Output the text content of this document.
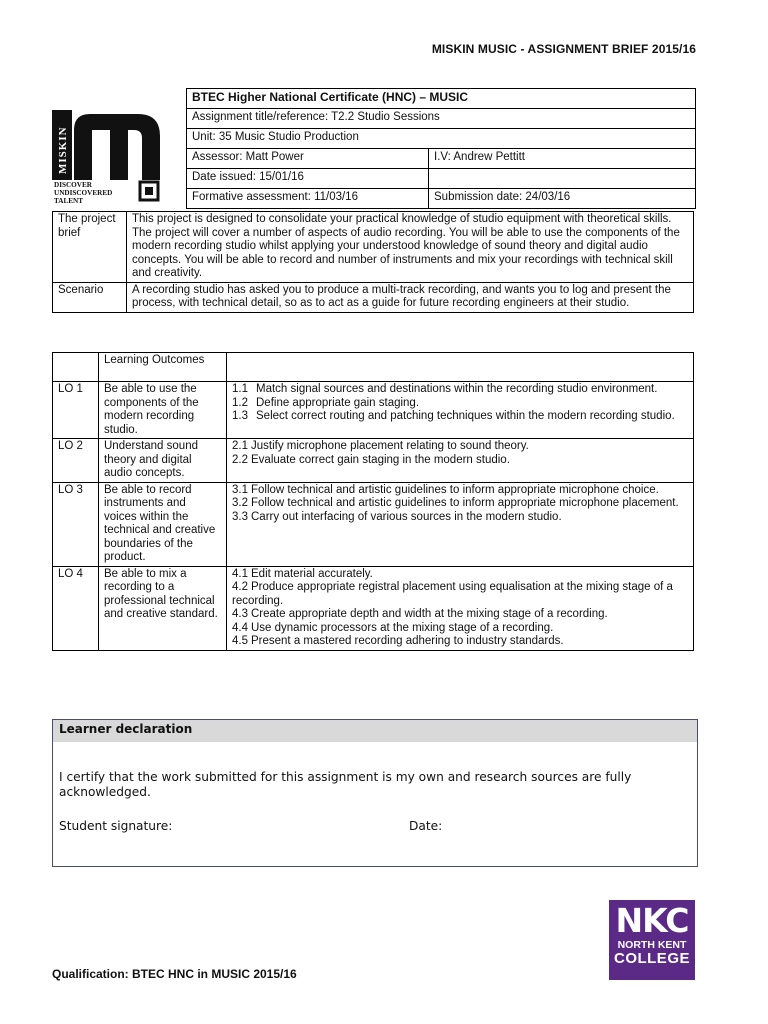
MISKIN MUSIC - ASSIGNMENT BRIEF 2015/16
MISKIN
DISCOVER
UNDISCOVERED
TALENT
BTEC Higher National Certificate (HNC) – MUSIC	
Assignment title/reference: T2.2 Studio Sessions	
Unit: 35 Music Studio Production	
Assessor: Matt Power	I.V: Andrew Pettitt
Date issued: 15/01/16	
Formative assessment: 11/03/16	Submission date: 24/03/16
The project brief	This project is designed to consolidate your practical knowledge of studio equipment with theoretical skills. The project will cover a number of aspects of audio recording. You will be able to use the components of the modern recording studio whilst applying your understood knowledge of sound theory and digital audio concepts. You will be able to record and number of instruments and mix your recordings with technical skill and creativity.
Scenario	A recording studio has asked you to produce a multi-track recording, and wants you to log and present the process, with technical detail, so as to act as a guide for future recording engineers at their studio.
	Learning Outcomes	
LO 1	Be able to use the components of the modern recording studio.	1.1 Match signal sources and destinations within the recording studio environment.
1.2 Define appropriate gain staging.
1.3 Select correct routing and patching techniques within the modern recording studio.

LO 2	Understand sound theory and digital audio concepts.	2.1 Justify microphone placement relating to sound theory.
2.2 Evaluate correct gain staging in the modern studio.

LO 3	Be able to record instruments and voices within the technical and creative boundaries of the product.	3.1 Follow technical and artistic guidelines to inform appropriate microphone choice.
3.2 Follow technical and artistic guidelines to inform appropriate microphone placement.
3.3 Carry out interfacing of various sources in the modern studio.

LO 4	Be able to mix a recording to a professional technical and creative standard.	4.1 Edit material accurately.
4.2 Produce appropriate registral placement using equalisation at the mixing stage of a recording.
4.3 Create appropriate depth and width at the mixing stage of a recording.
4.4 Use dynamic processors at the mixing stage of a recording.
4.5 Present a mastered recording adhering to industry standards.
Learner declaration
I certify that the work submitted for this assignment is my own and research sources are fully acknowledged.
Student signature:	Date:
NKC
NORTH KENT
COLLEGE
Qualification: BTEC HNC in MUSIC 2015/16
